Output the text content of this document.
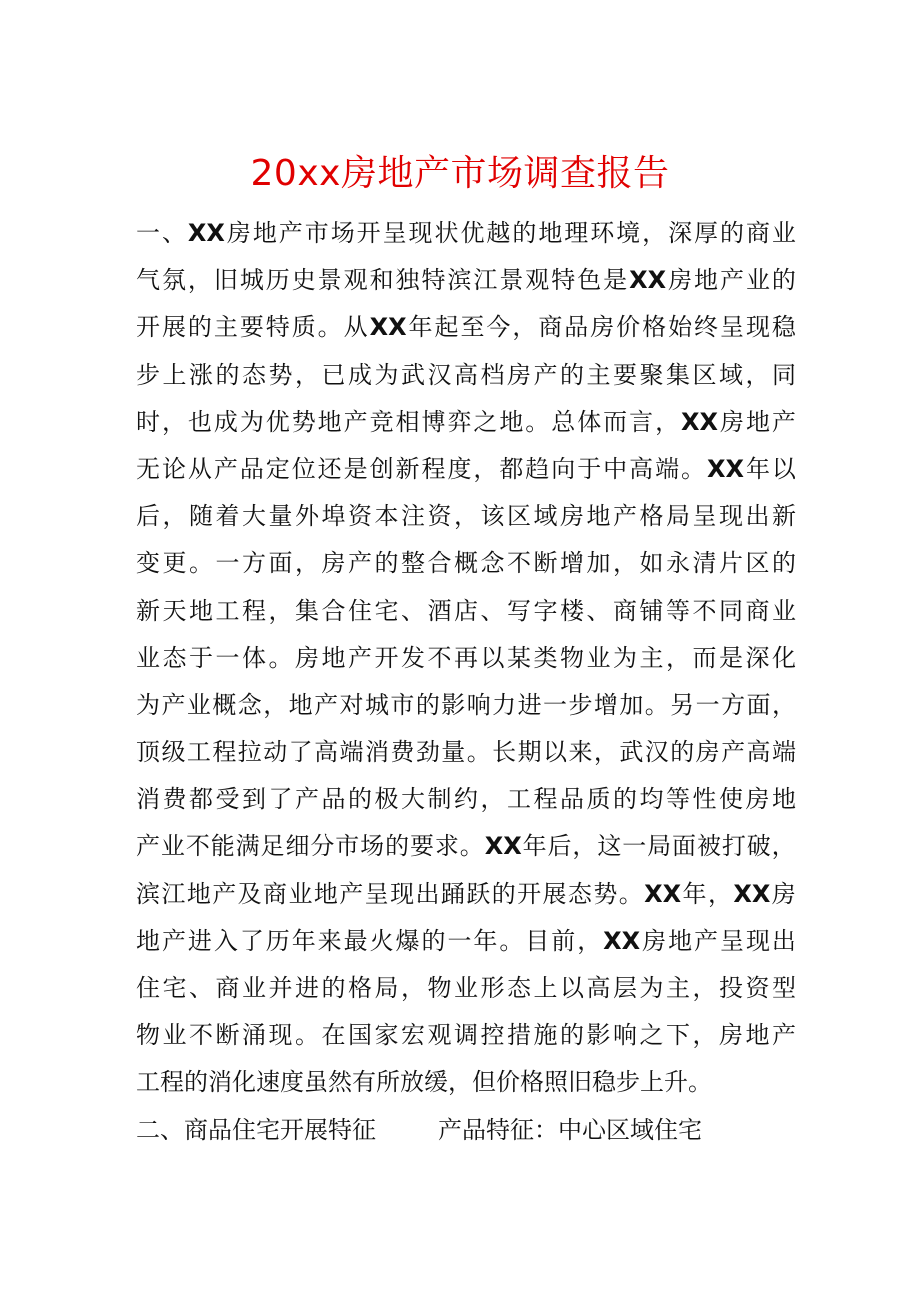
20xx房地产市场调查报告
一 、 XX 房 地 产 市 场 开 呈 现 状 优 越 的 地 理 环 境 ， 深 厚 的 商 业
气 氛 ， 旧 城 历 史 景 观 和 独 特 滨 江 景 观 特 色 是 XX 房 地 产 业 的
开 展 的 主 要 特 质 。 从 XX 年 起 至 今 ， 商 品 房 价 格 始 终 呈 现 稳
步 上 涨 的 态 势 ， 已 成 为 武 汉 高 档 房 产 的 主 要 聚 集 区 域 ， 同
时 ， 也 成 为 优 势 地 产 竞 相 博 弈 之 地 。 总 体 而 言 ， XX 房 地 产
无 论 从 产 品 定 位 还 是 创 新 程 度 ， 都 趋 向 于 中 高 端 。 XX 年 以
后 ， 随 着 大 量 外 埠 资 本 注 资 ， 该 区 域 房 地 产 格 局 呈 现 出 新
变 更 。 一 方 面 ， 房 产 的 整 合 概 念 不 断 增 加 ， 如 永 清 片 区 的
新 天 地 工 程 ， 集 合 住 宅 、 酒 店 、 写 字 楼 、 商 铺 等 不 同 商 业
业 态 于 一 体 。 房 地 产 开 发 不 再 以 某 类 物 业 为 主 ， 而 是 深 化
为 产 业 概 念 ， 地 产 对 城 市 的 影 响 力 进 一 步 增 加 。 另 一 方 面 ，
顶 级 工 程 拉 动 了 高 端 消 费 劲 量 。 长 期 以 来 ， 武 汉 的 房 产 高 端
消 费 都 受 到 了 产 品 的 极 大 制 约 ， 工 程 品 质 的 均 等 性 使 房 地
产 业 不 能 满 足 细 分 市 场 的 要 求 。 XX 年 后 ， 这 一 局 面 被 打 破 ，
滨 江 地 产 及 商 业 地 产 呈 现 出 踊 跃 的 开 展 态 势 。 XX 年 ， XX 房
地 产 进 入 了 历 年 来 最 火 爆 的 一 年 。 目 前 ， XX 房 地 产 呈 现 出
住 宅 、 商 业 并 进 的 格 局 ， 物 业 形 态 上 以 高 层 为 主 ， 投 资 型
物 业 不 断 涌 现 。 在 国 家 宏 观 调 控 措 施 的 影 响 之 下 ， 房 地 产
工 程 的 消 化 速 度 虽 然 有 所 放 缓 ， 但 价 格 照 旧 稳 步 上 升 。
二、商品住宅开展特征	产品特征：中心区域住宅
